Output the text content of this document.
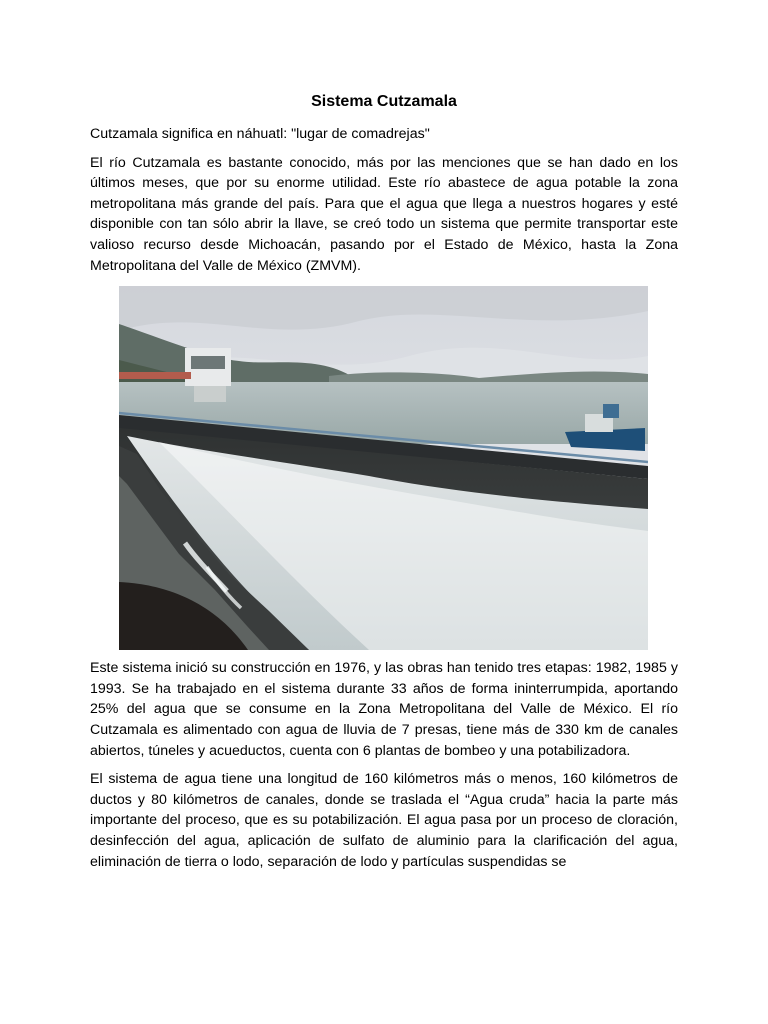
Sistema Cutzamala
Cutzamala significa en náhuatl: "lugar de comadrejas"
El río Cutzamala es bastante conocido, más por las menciones que se han dado en los últimos meses, que por su enorme utilidad. Este río abastece de agua potable la zona metropolitana más grande del país. Para que el agua que llega a nuestros hogares y esté disponible con tan sólo abrir la llave, se creó todo un sistema que permite transportar este valioso recurso desde Michoacán, pasando por el Estado de México, hasta la Zona Metropolitana del Valle de México (ZMVM).
Este sistema inició su construcción en 1976, y las obras han tenido tres etapas: 1982, 1985 y 1993. Se ha trabajado en el sistema durante 33 años de forma ininterrumpida, aportando 25% del agua que se consume en la Zona Metropolitana del Valle de México. El río Cutzamala es alimentado con agua de lluvia de 7 presas, tiene más de 330 km de canales abiertos, túneles y acueductos, cuenta con 6 plantas de bombeo y una potabilizadora.
El sistema de agua tiene una longitud de 160 kilómetros más o menos, 160 kilómetros de ductos y 80 kilómetros de canales, donde se traslada el “Agua cruda” hacia la parte más importante del proceso, que es su potabilización. El agua pasa por un proceso de cloración, desinfección del agua, aplicación de sulfato de aluminio para la clarificación del agua, eliminación de tierra o lodo, separación de lodo y partículas suspendidas se
